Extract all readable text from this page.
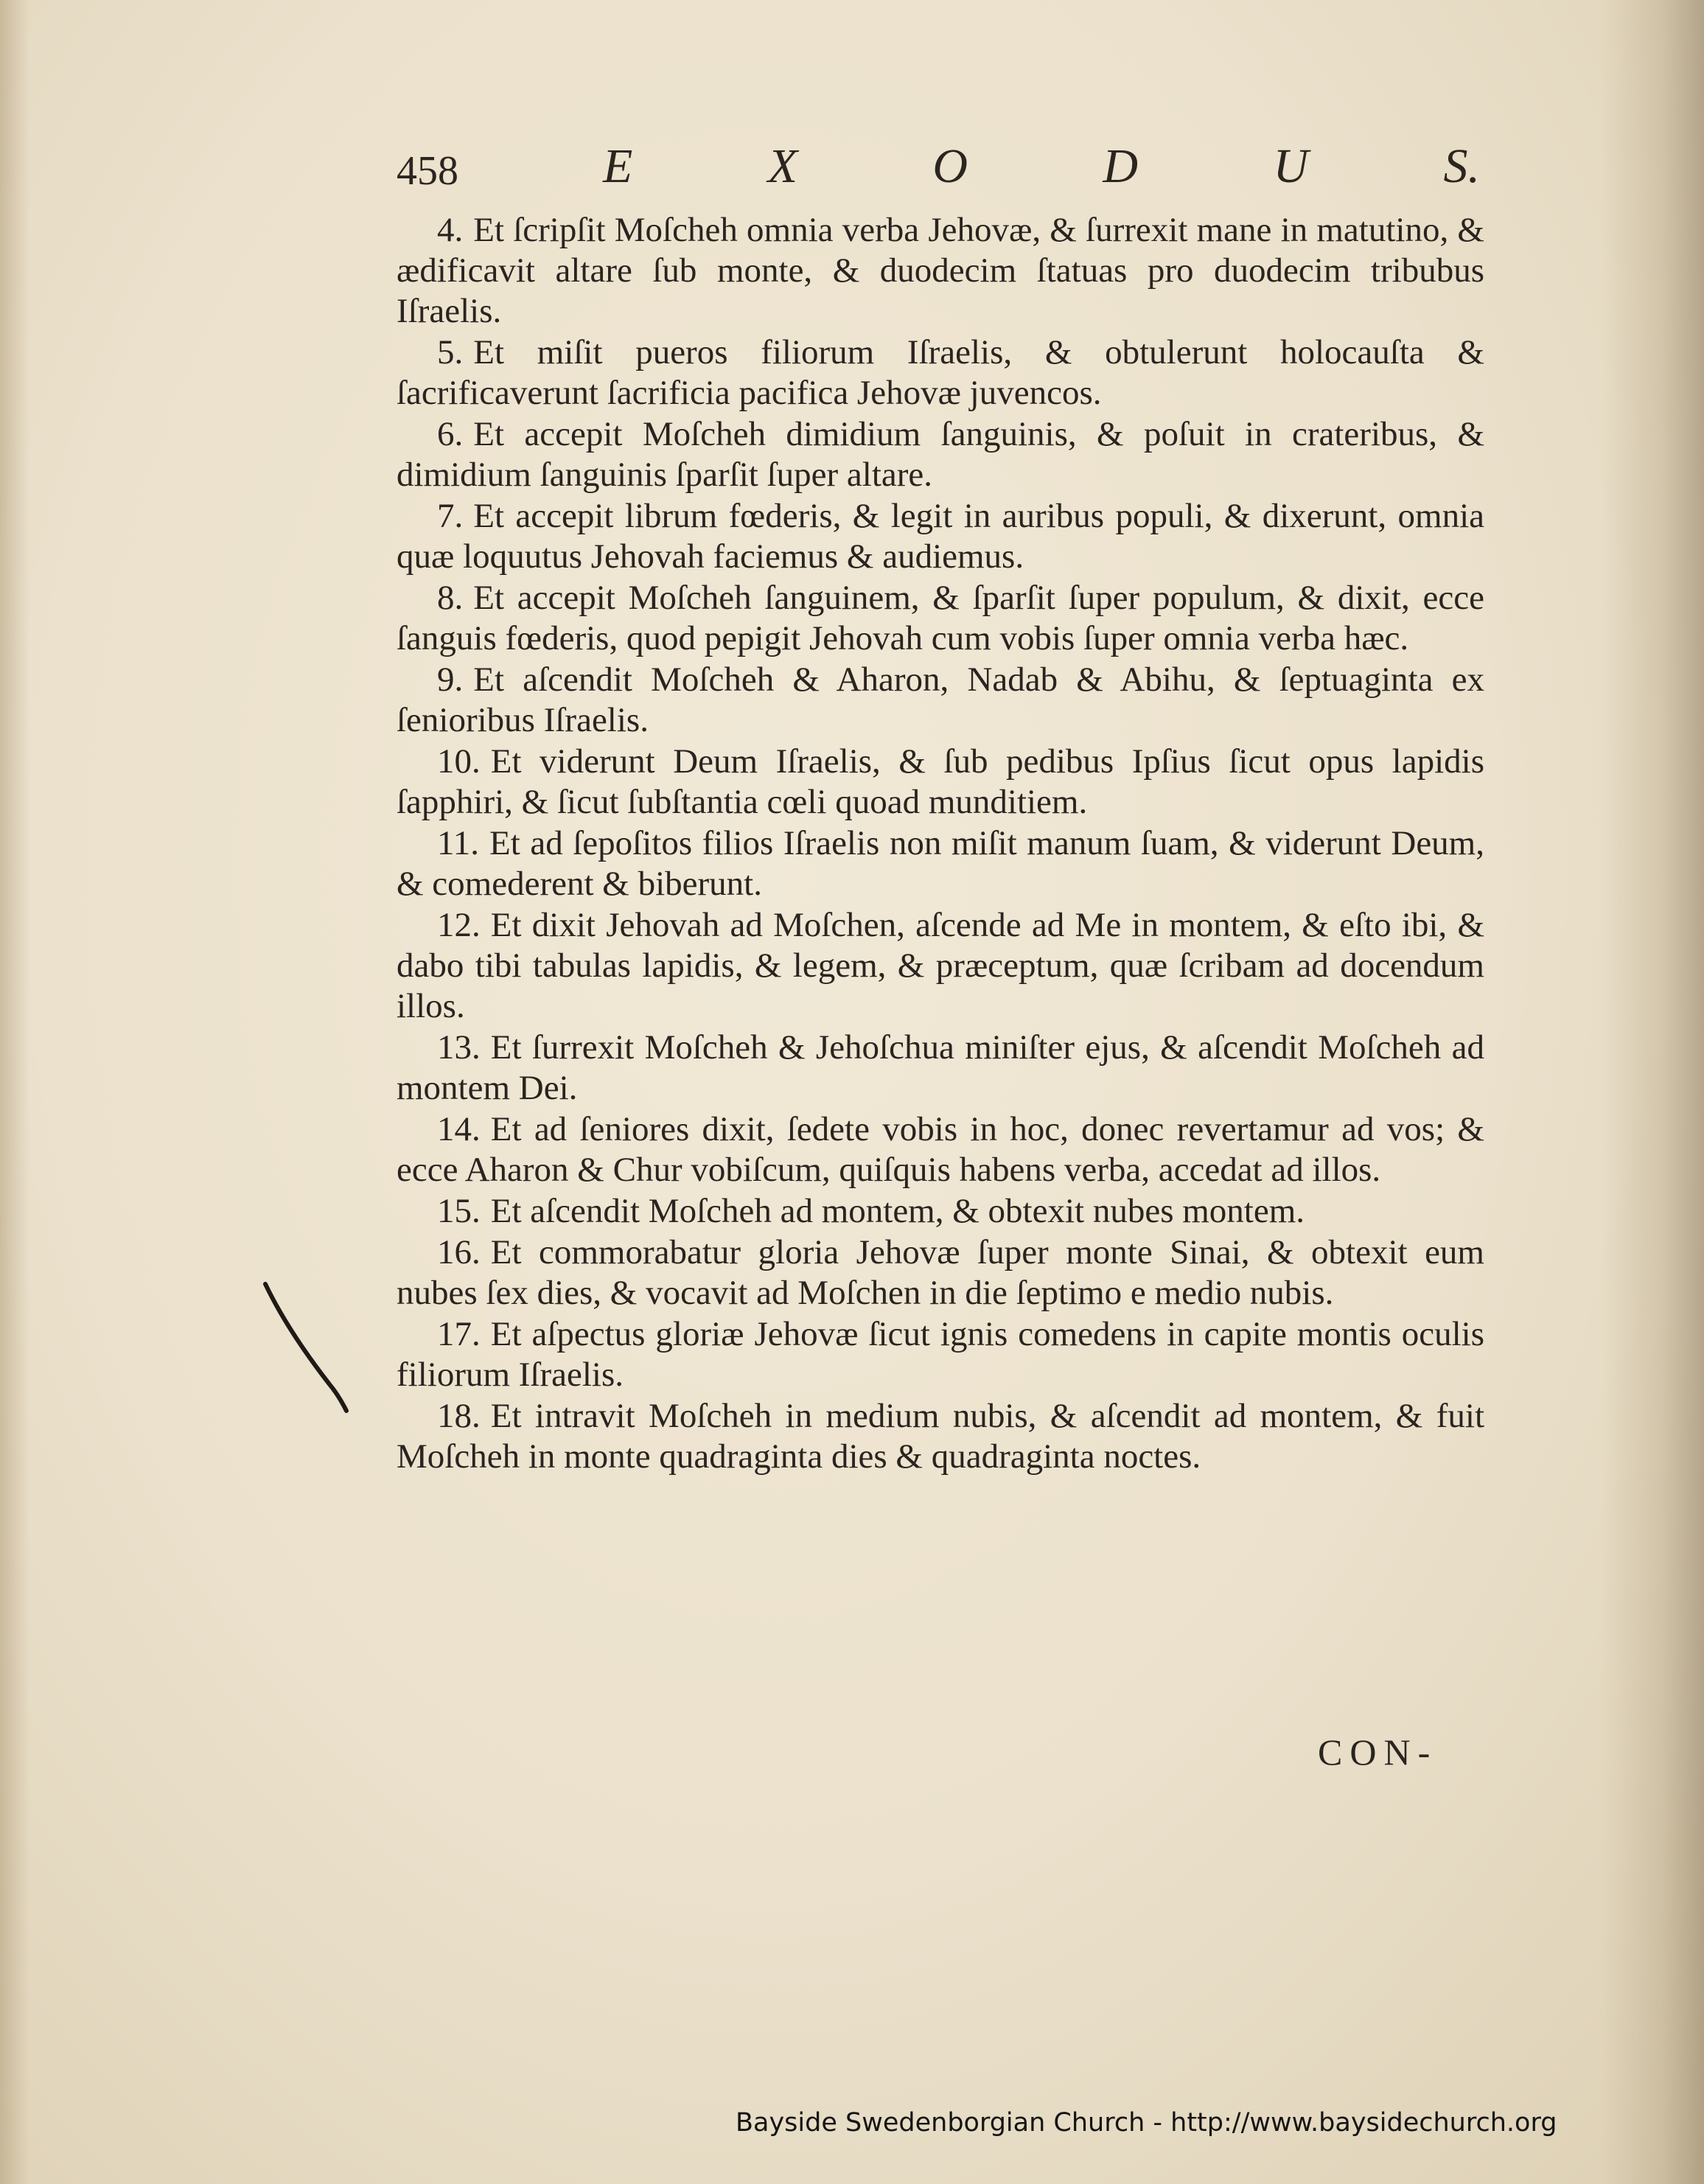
458	E	X	O	D	U	S.

4. Et ſcripſit Moſcheh omnia verba Jehovæ, & ſurrexit mane in matutino, & ædificavit altare ſub monte, & duodecim ſtatuas pro duodecim tribubus Iſraelis.

5. Et miſit pueros filiorum Iſraelis, & obtulerunt holocauſta & ſacrificaverunt ſacrificia pacifica Jehovæ juvencos.

6. Et accepit Moſcheh dimidium ſanguinis, & poſuit in crateribus, & dimidium ſanguinis ſparſit ſuper altare.

7. Et accepit librum fœderis, & legit in auribus populi, & dixerunt, omnia quæ loquutus Jehovah faciemus & audiemus.

8. Et accepit Moſcheh ſanguinem, & ſparſit ſuper populum, & dixit, ecce ſanguis fœderis, quod pepigit Jehovah cum vobis ſuper omnia verba hæc.

9. Et aſcendit Moſcheh & Aharon, Nadab & Abihu, & ſeptuaginta ex ſenioribus Iſraelis.

10. Et viderunt Deum Iſraelis, & ſub pedibus Ipſius ſicut opus lapidis ſapphiri, & ſicut ſubſtantia cœli quoad munditiem.

11. Et ad ſepoſitos filios Iſraelis non miſit manum ſuam, & viderunt Deum, & comederent & biberunt.

12. Et dixit Jehovah ad Moſchen, aſcende ad Me in montem, & eſto ibi, & dabo tibi tabulas lapidis, & legem, & præceptum, quæ ſcribam ad docendum illos.

13. Et ſurrexit Moſcheh & Jehoſchua miniſter ejus, & aſcendit Moſcheh ad montem Dei.

14. Et ad ſeniores dixit, ſedete vobis in hoc, donec revertamur ad vos; & ecce Aharon & Chur vobiſcum, quiſquis habens verba, accedat ad illos.

15. Et aſcendit Moſcheh ad montem, & obtexit nubes montem.

16. Et commorabatur gloria Jehovæ ſuper monte Sinai, & obtexit eum nubes ſex dies, & vocavit ad Moſchen in die ſeptimo e medio nubis.

17. Et aſpectus gloriæ Jehovæ ſicut ignis comedens in capite montis oculis filiorum Iſraelis.

18. Et intravit Moſcheh in medium nubis, & aſcendit ad montem, & fuit Moſcheh in monte quadraginta dies & quadraginta noctes.

CON-
Bayside Swedenborgian Church - http://www.baysidechurch.org
